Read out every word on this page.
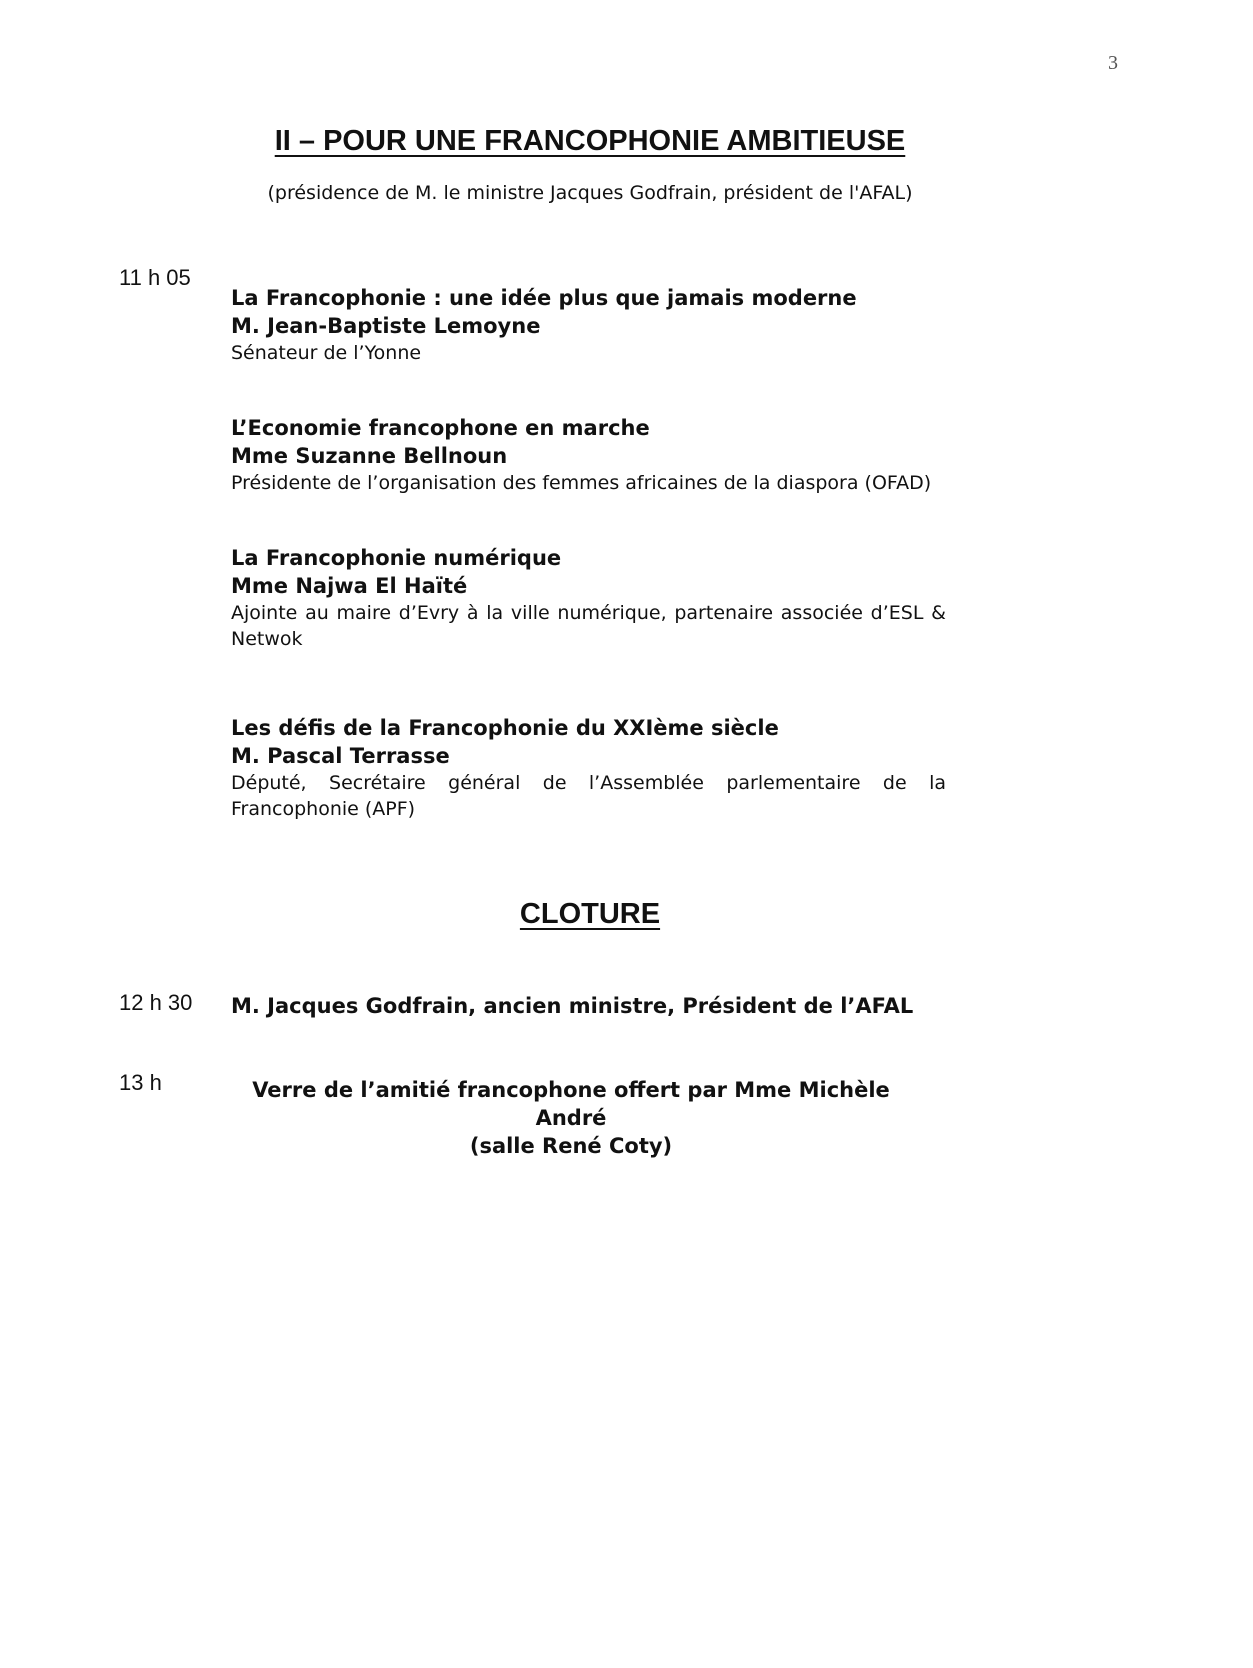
3
II – POUR UNE FRANCOPHONIE AMBITIEUSE
(présidence de M. le ministre Jacques Godfrain, président de l'AFAL)
11 h 05

La Francophonie : une idée plus que jamais moderne

M. Jean-Baptiste Lemoyne

Sénateur de l’Yonne

L’Economie francophone en marche

Mme Suzanne Bellnoun

Présidente de l’organisation des femmes africaines de la diaspora (OFAD)

La Francophonie numérique

Mme Najwa El Haïté

Ajointe au maire d’Evry à la ville numérique, partenaire associée d’ESL & Netwok

Les défis de la Francophonie du XXIème siècle

M. Pascal Terrasse

Député, Secrétaire général de l’Assemblée parlementaire de la Francophonie (APF)

CLOTURE
12 h 30 M. Jacques Godfrain, ancien ministre, Président de l’AFAL
13 h	Verre de l’amitié francophone offert par Mme Michèle André
(salle René Coty)
